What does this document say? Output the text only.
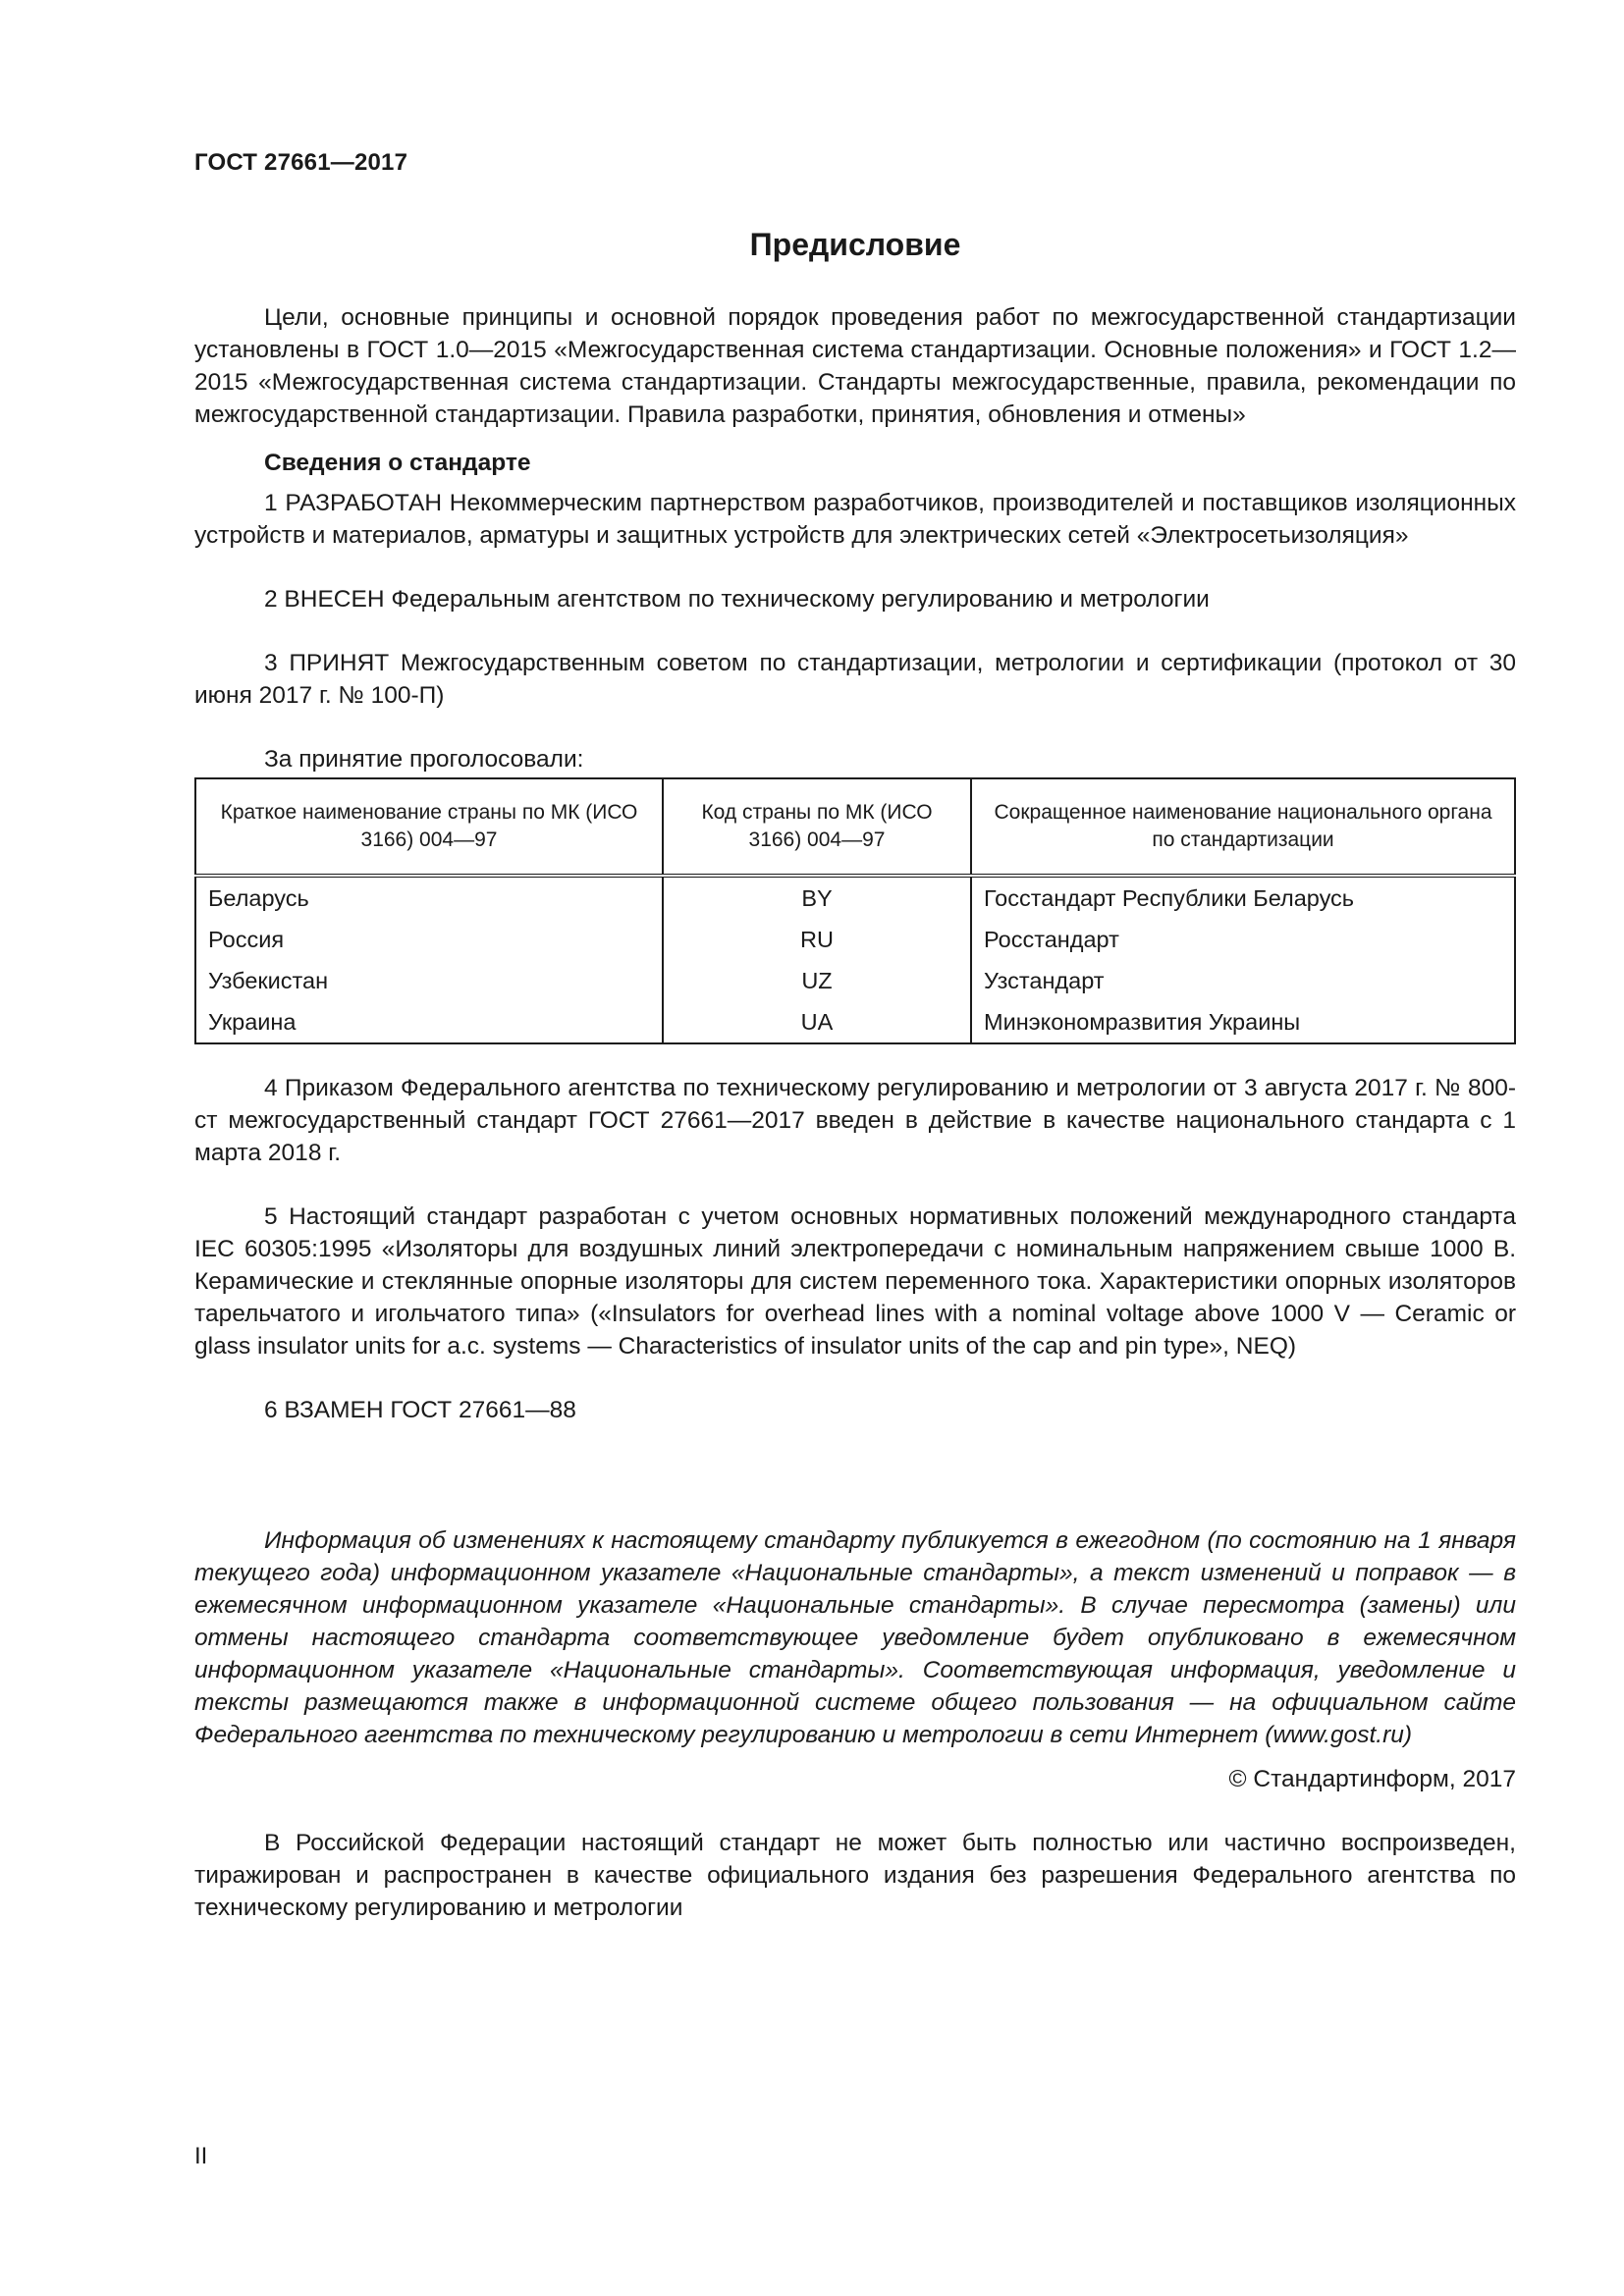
ГОСТ 27661—2017
Предисловие

Цели, основные принципы и основной порядок проведения работ по межгосударственной стандартизации установлены в ГОСТ 1.0—2015 «Межгосударственная система стандартизации. Основные положения» и ГОСТ 1.2—2015 «Межгосударственная система стандартизации. Стандарты межгосударственные, правила, рекомендации по межгосударственной стандартизации. Правила разработки, принятия, обновления и отмены»

Сведения о стандарте

1 РАЗРАБОТАН Некоммерческим партнерством разработчиков, производителей и поставщиков изоляционных устройств и материалов, арматуры и защитных устройств для электрических сетей «Электросетьизоляция»

2 ВНЕСЕН Федеральным агентством по техническому регулированию и метрологии

3 ПРИНЯТ Межгосударственным советом по стандартизации, метрологии и сертификации (протокол от 30 июня 2017 г. № 100-П)

За принятие проголосовали:

Краткое наименование страны по МК (ИСО 3166) 004—97	Код страны по МК (ИСО 3166) 004—97	Сокращенное наименование национального органа по стандартизации
Беларусь	BY	Госстандарт Республики Беларусь
Россия	RU	Росстандарт
Узбекистан	UZ	Узстандарт
Украина	UA	Минэкономразвития Украины

4 Приказом Федерального агентства по техническому регулированию и метрологии от 3 августа 2017 г. № 800-ст межгосударственный стандарт ГОСТ 27661—2017 введен в действие в качестве национального стандарта с 1 марта 2018 г.

5 Настоящий стандарт разработан с учетом основных нормативных положений международного стандарта IEC 60305:1995 «Изоляторы для воздушных линий электропередачи с номинальным напряжением свыше 1000 В. Керамические и стеклянные опорные изоляторы для систем переменного тока. Характеристики опорных изоляторов тарельчатого и игольчатого типа» («Insulators for overhead lines with a nominal voltage above 1000 V — Ceramic or glass insulator units for a.c. systems — Characteristics of insulator units of the cap and pin type», NEQ)

6 ВЗАМЕН ГОСТ 27661—88

Информация об изменениях к настоящему стандарту публикуется в ежегодном (по состоянию на 1 января текущего года) информационном указателе «Национальные стандарты», а текст изменений и поправок — в ежемесячном информационном указателе «Национальные стандарты». В случае пересмотра (замены) или отмены настоящего стандарта соответствующее уведомление будет опубликовано в ежемесячном информационном указателе «Национальные стандарты». Соответствующая информация, уведомление и тексты размещаются также в информационной системе общего пользования — на официальном сайте Федерального агентства по техническому регулированию и метрологии в сети Интернет (www.gost.ru)

© Стандартинформ, 2017

В Российской Федерации настоящий стандарт не может быть полностью или частично воспроизведен, тиражирован и распространен в качестве официального издания без разрешения Федерального агентства по техническому регулированию и метрологии

II
